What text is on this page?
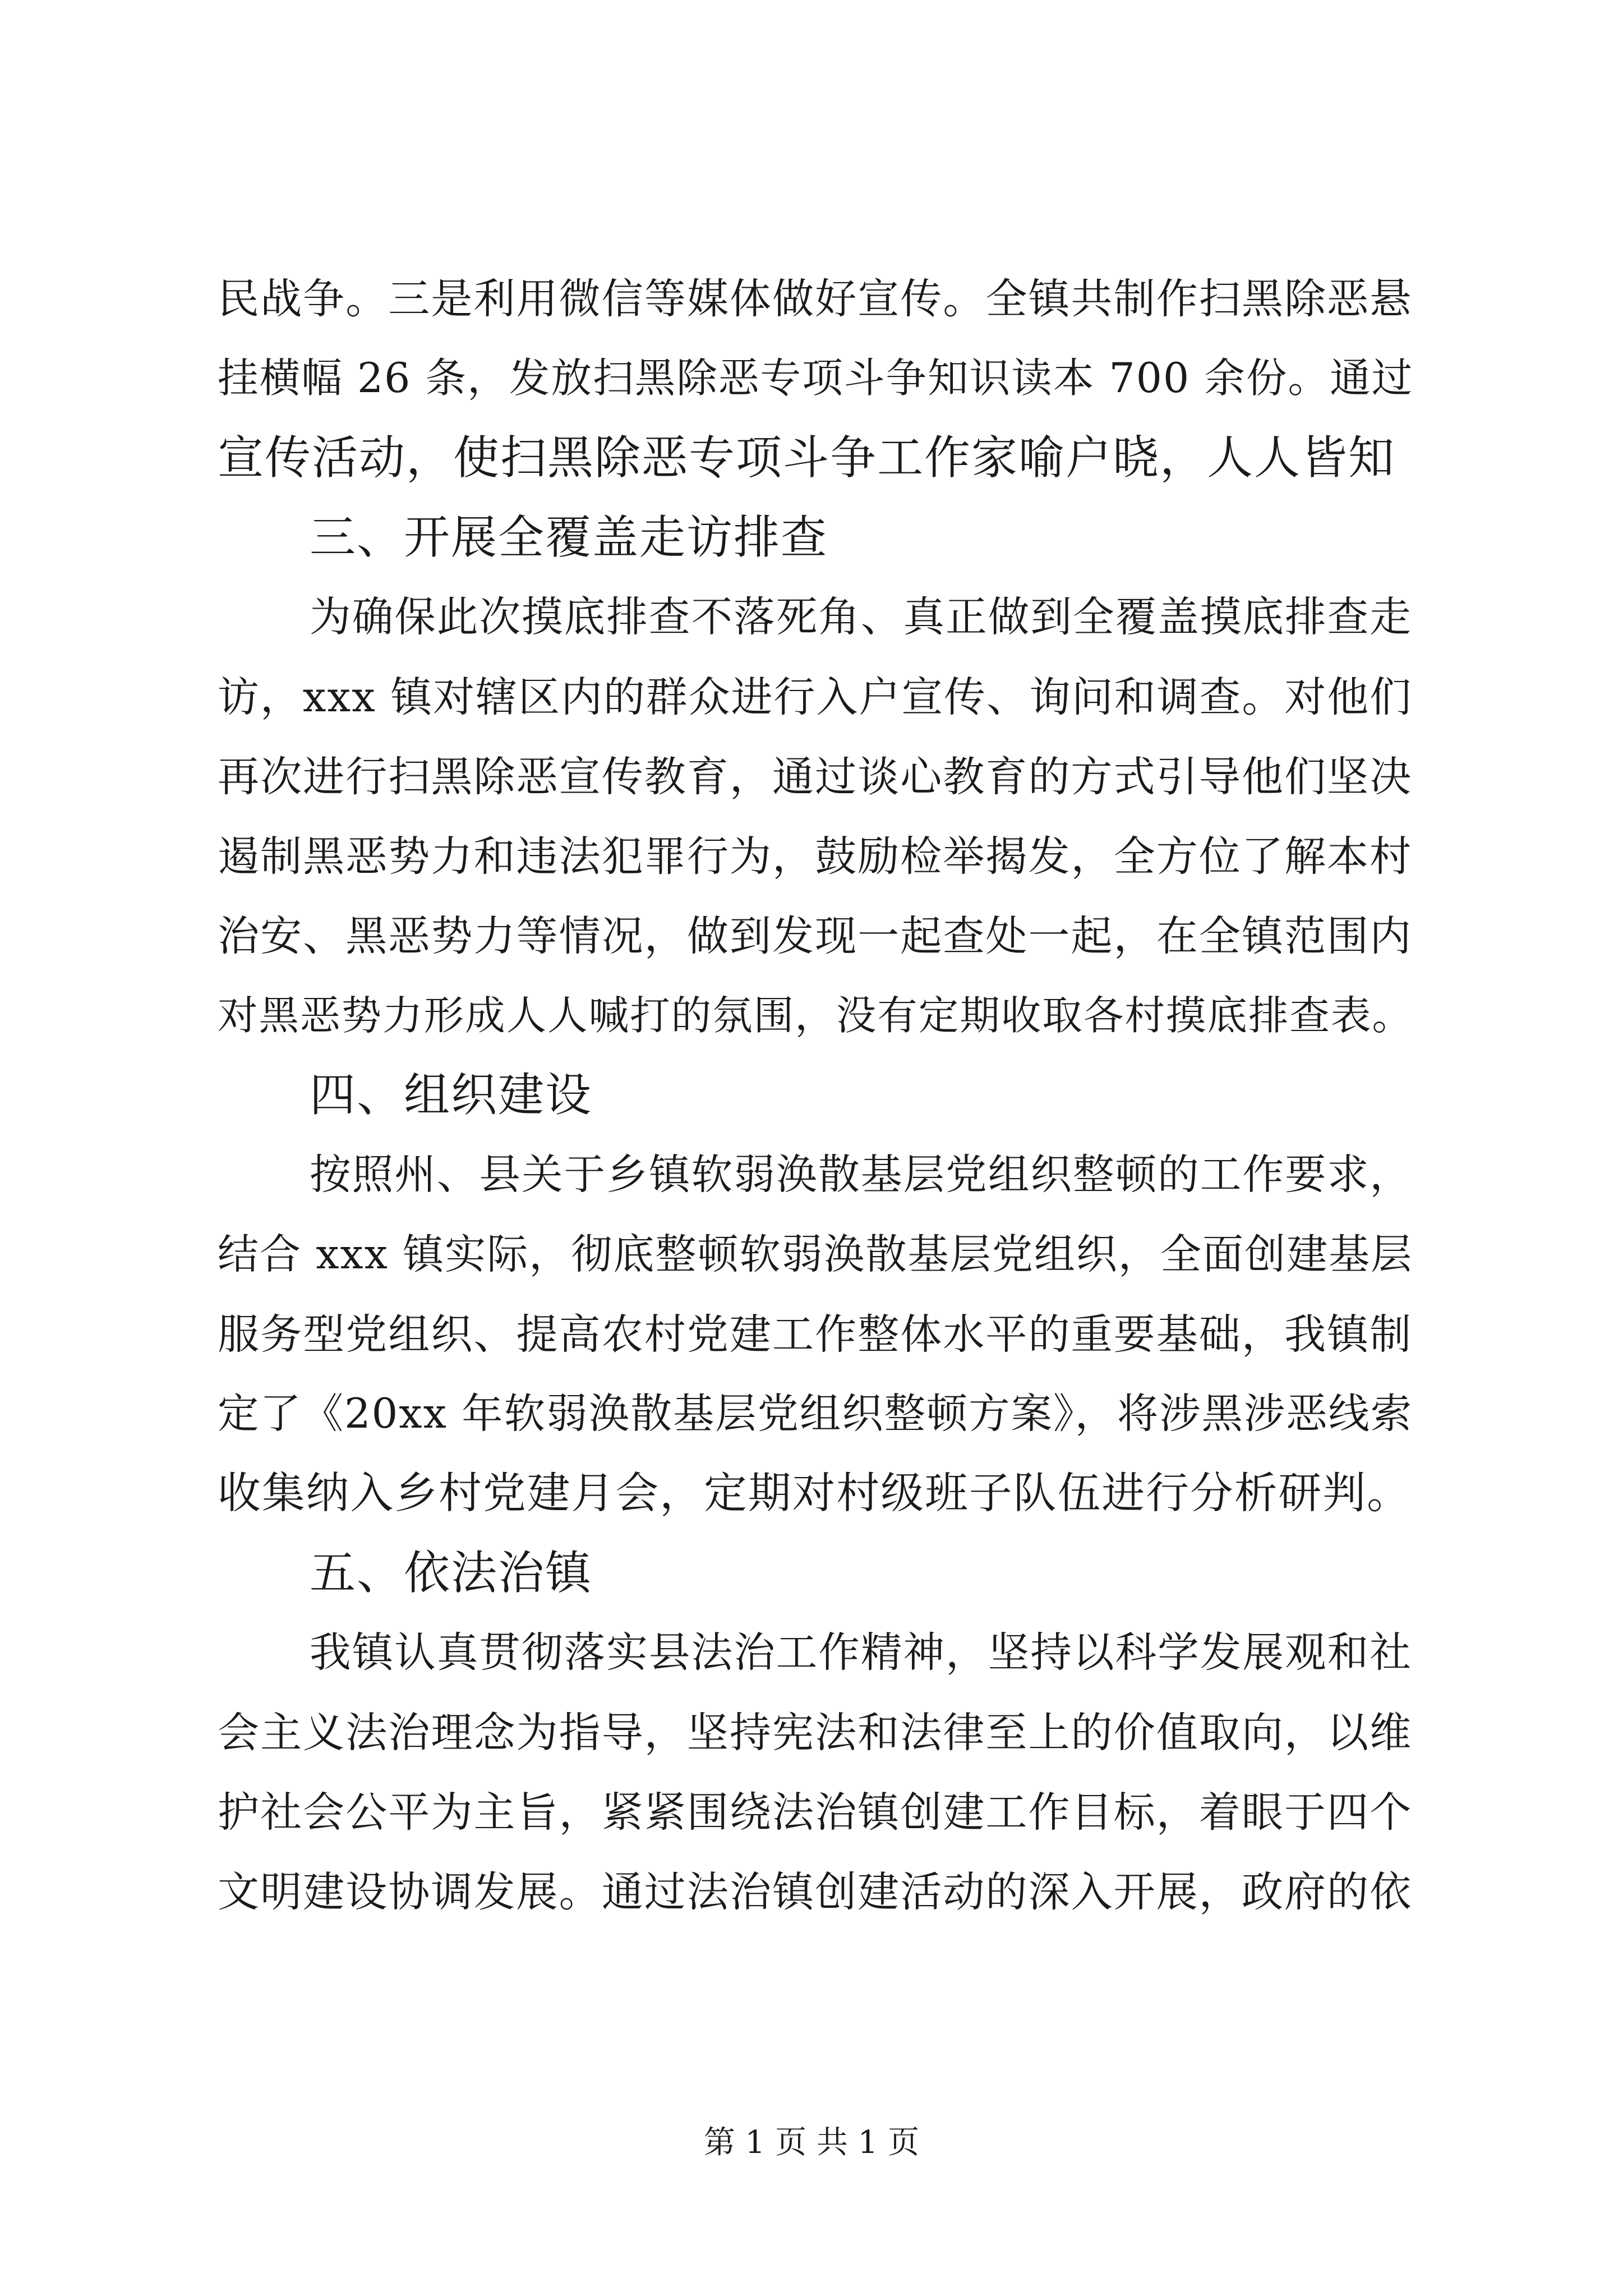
民战争。三是利用微信等媒体做好宣传。全镇共制作扫黑除恶悬
挂横幅 26 条，发放扫黑除恶专项斗争知识读本 700 余份。通过
宣传活动，使扫黑除恶专项斗争工作家喻户晓，人人皆知
三、开展全覆盖走访排查
为确保此次摸底排查不落死角、真正做到全覆盖摸底排查走
访，xxx 镇对辖区内的群众进行入户宣传、询问和调查。对他们
再次进行扫黑除恶宣传教育，通过谈心教育的方式引导他们坚决
遏制黑恶势力和违法犯罪行为，鼓励检举揭发，全方位了解本村
治安、黑恶势力等情况，做到发现一起查处一起，在全镇范围内
对黑恶势力形成人人喊打的氛围，没有定期收取各村摸底排查表。
四、组织建设
按照州、县关于乡镇软弱涣散基层党组织整顿的工作要求，
结合 xxx 镇实际，彻底整顿软弱涣散基层党组织，全面创建基层
服务型党组织、提高农村党建工作整体水平的重要基础，我镇制
定了《20xx 年软弱涣散基层党组织整顿方案》，将涉黑涉恶线索
收集纳入乡村党建月会，定期对村级班子队伍进行分析研判。
五、依法治镇
我镇认真贯彻落实县法治工作精神，坚持以科学发展观和社
会主义法治理念为指导，坚持宪法和法律至上的价值取向，以维
护社会公平为主旨，紧紧围绕法治镇创建工作目标，着眼于四个
文明建设协调发展。通过法治镇创建活动的深入开展，政府的依
第 1 页 共 1 页
